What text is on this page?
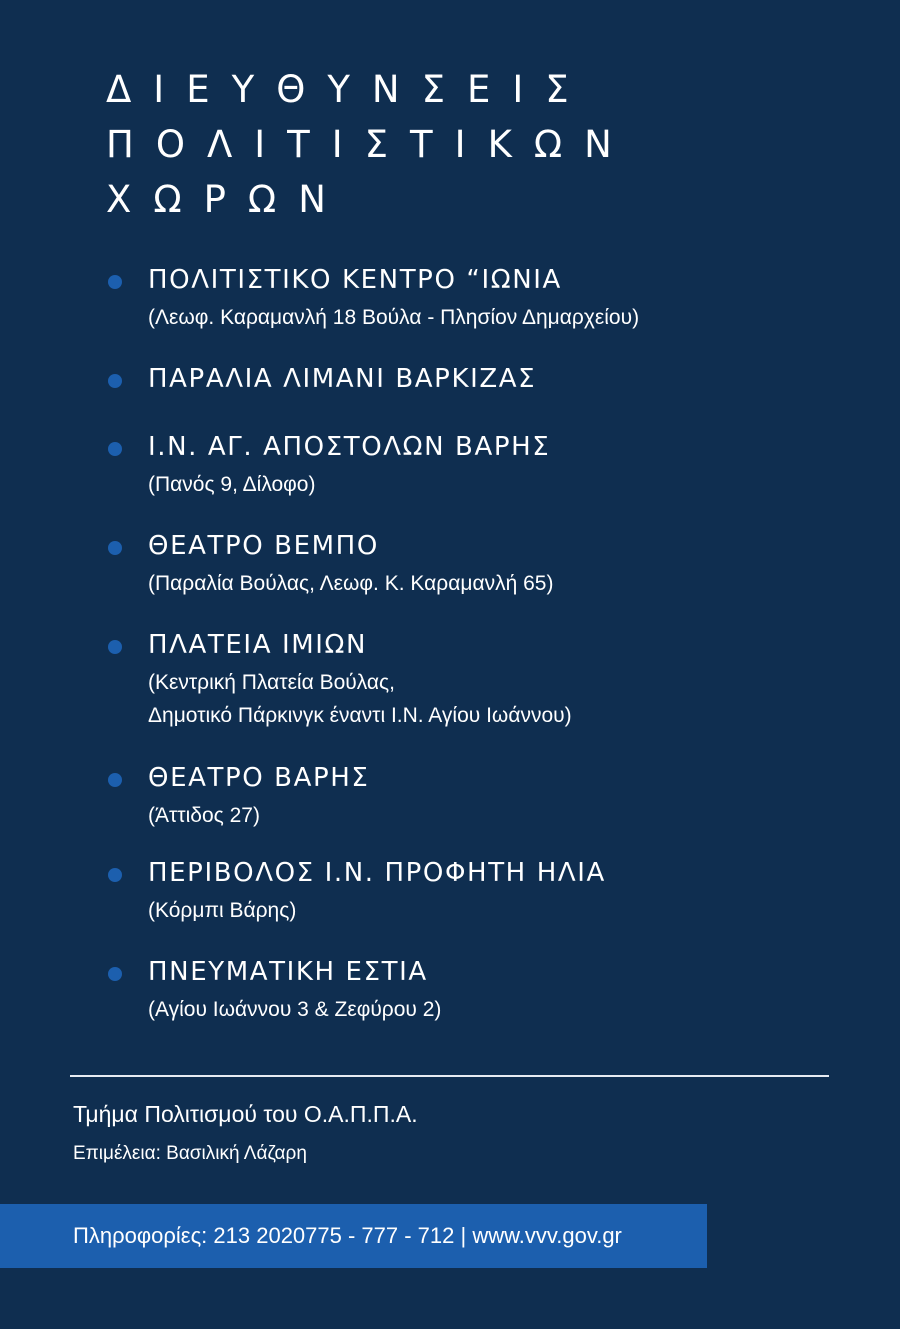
ΔΙΕΥΘΥΝΣΕΙΣ
ΠΟΛΙΤΙΣΤΙΚΩΝ
ΧΩΡΩΝ
ΠΟΛΙΤΙΣΤΙΚΟ ΚΕΝΤΡΟ “ΙΩΝΙΑ
(Λεωφ. Καραμανλή 18 Βούλα - Πλησίον Δημαρχείου)
ΠΑΡΑΛΙΑ ΛΙΜΑΝΙ ΒΑΡΚΙΖΑΣ
Ι.Ν. ΑΓ. ΑΠΟΣΤΟΛΩΝ ΒΑΡΗΣ
(Πανός 9, Δίλοφο)
ΘΕΑΤΡΟ ΒΕΜΠΟ
(Παραλία Βούλας, Λεωφ. Κ. Καραμανλή 65)
ΠΛΑΤΕΙΑ ΙΜΙΩΝ
(Κεντρική Πλατεία Βούλας,
Δημοτικό Πάρκινγκ έναντι Ι.Ν. Αγίου Ιωάννου)
ΘΕΑΤΡΟ ΒΑΡΗΣ
(Άττιδος 27)
ΠΕΡΙΒΟΛΟΣ Ι.Ν. ΠΡΟΦΗΤΗ ΗΛΙΑ
(Κόρμπι Βάρης)
ΠΝΕΥΜΑΤΙΚΗ ΕΣΤΙΑ
(Αγίου Ιωάννου 3 & Ζεφύρου 2)

Τμήμα Πολιτισμού του Ο.Α.Π.Π.Α.

Επιμέλεια: Βασιλική Λάζαρη

Πληροφορίες: 213 2020775 - 777 - 712 | www.vvv.gov.gr
